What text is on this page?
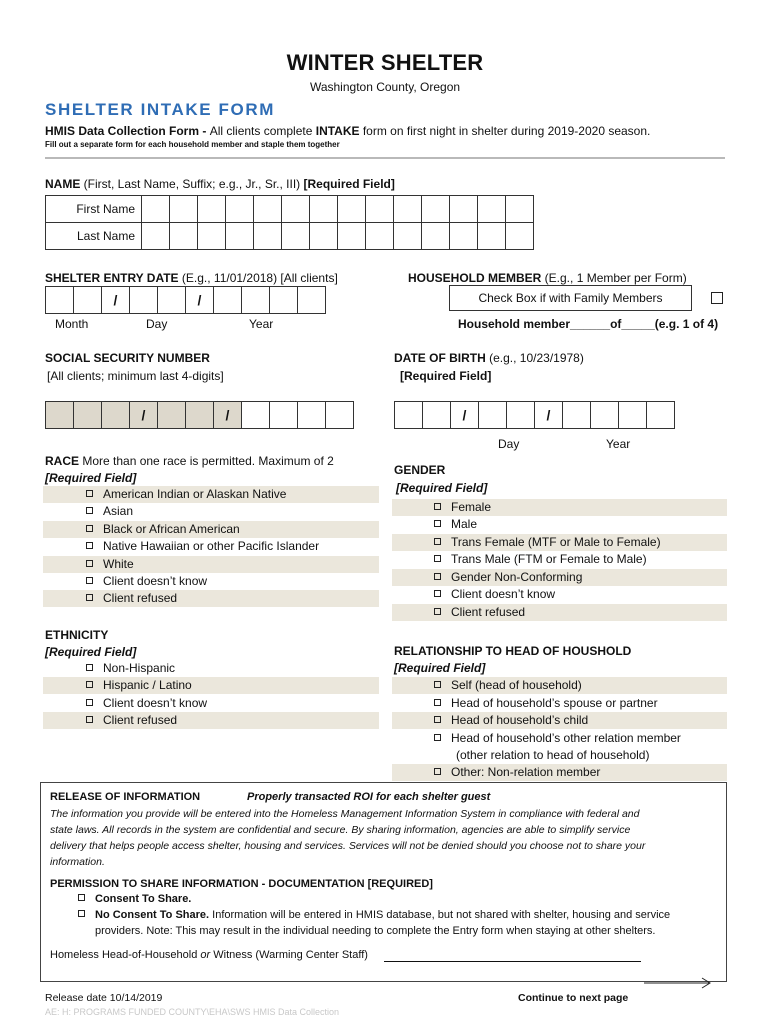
WINTER SHELTER
Washington County, Oregon
SHELTER INTAKE FORM
HMIS Data Collection Form - All clients complete INTAKE form on first night in shelter during 2019-2020 season.
Fill out a separate form for each household member and staple them together
NAME (First, Last Name, Suffix; e.g., Jr., Sr., III) [Required Field]
First Name														
Last Name														
SHELTER ENTRY DATE (E.g., 11/01/2018) [All clients]
		/			/				
Month	Day	Year
HOUSEHOLD MEMBER (E.g., 1 Member per Form)
Check Box if with Family Members
Household member______of_____(e.g. 1 of 4)
SOCIAL SECURITY NUMBER
[All clients; minimum last 4-digits]
			/			/				
DATE OF BIRTH (e.g., 10/23/1978)
[Required Field]
		/			/				
Day	Year
RACE More than one race is permitted. Maximum of 2
[Required Field]
American Indian or Alaskan Native
Asian
Black or African American
Native Hawaiian or other Pacific Islander
White
Client doesn’t know
Client refused
GENDER
[Required Field]
Female
Male
Trans Female (MTF or Male to Female)
Trans Male (FTM or Female to Male)
Gender Non-Conforming
Client doesn’t know
Client refused
ETHNICITY
[Required Field]
Non-Hispanic
Hispanic / Latino
Client doesn’t know
Client refused
RELATIONSHIP TO HEAD OF HOUSHOLD
[Required Field]
Self (head of household)
Head of household’s spouse or partner
Head of household’s child
Head of household’s other relation member
(other relation to head of household)
Other: Non-relation member
RELEASE OF INFORMATION	Properly transacted ROI for each shelter guest
The information you provide will be entered into the Homeless Management Information System in compliance with federal and
state laws. All records in the system are confidential and secure. By sharing information, agencies are able to simplify service
delivery that helps people access shelter, housing and services. Services will not be denied should you choose not to share your
information.
PERMISSION TO SHARE INFORMATION - DOCUMENTATION [REQUIRED]
Consent To Share.
No Consent To Share. Information will be entered in HMIS database, but not shared with shelter, housing and service
providers. Note: This may result in the individual needing to complete the Entry form when staying at other shelters.
Homeless Head-of-Household or Witness (Warming Center Staff)
Release date 10/14/2019	Continue to next page
AE: H: PROGRAMS FUNDED COUNTY\EHA\SWS HMIS Data Collection
